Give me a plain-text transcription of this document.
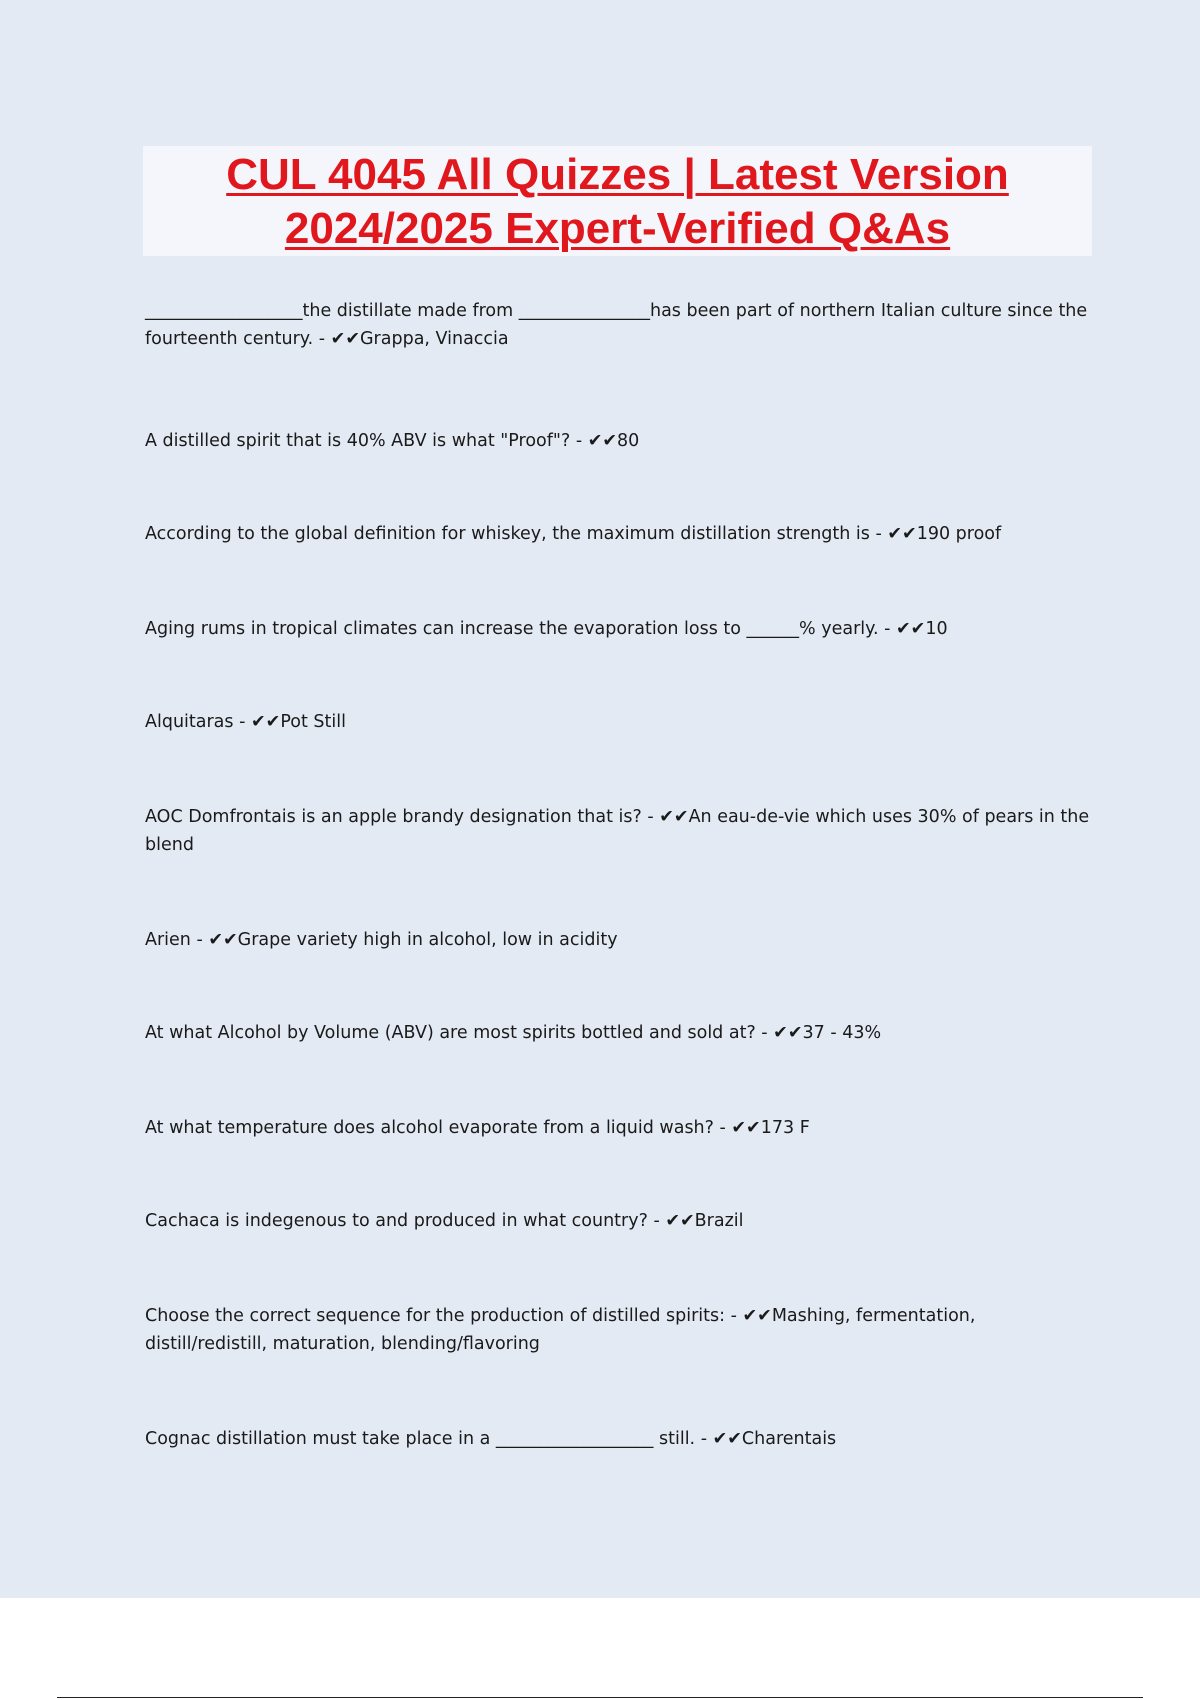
CUL 4045 All Quizzes | Latest Version
2024/2025 Expert-Verified Q&As

__________________the distillate made from _______________has been part of northern Italian culture since the fourteenth century. - ✔✔Grappa, Vinaccia

A distilled spirit that is 40% ABV is what "Proof"? - ✔✔80

According to the global definition for whiskey, the maximum distillation strength is - ✔✔190 proof

Aging rums in tropical climates can increase the evaporation loss to ______% yearly. - ✔✔10

Alquitaras - ✔✔Pot Still

AOC Domfrontais is an apple brandy designation that is? - ✔✔An eau-de-vie which uses 30% of pears in the blend

Arien - ✔✔Grape variety high in alcohol, low in acidity

At what Alcohol by Volume (ABV) are most spirits bottled and sold at? - ✔✔37 - 43%

At what temperature does alcohol evaporate from a liquid wash? - ✔✔173 F

Cachaca is indegenous to and produced in what country? - ✔✔Brazil

Choose the correct sequence for the production of distilled spirits: - ✔✔Mashing, fermentation, distill/redistill, maturation, blending/flavoring

Cognac distillation must take place in a __________________ still. - ✔✔Charentais
